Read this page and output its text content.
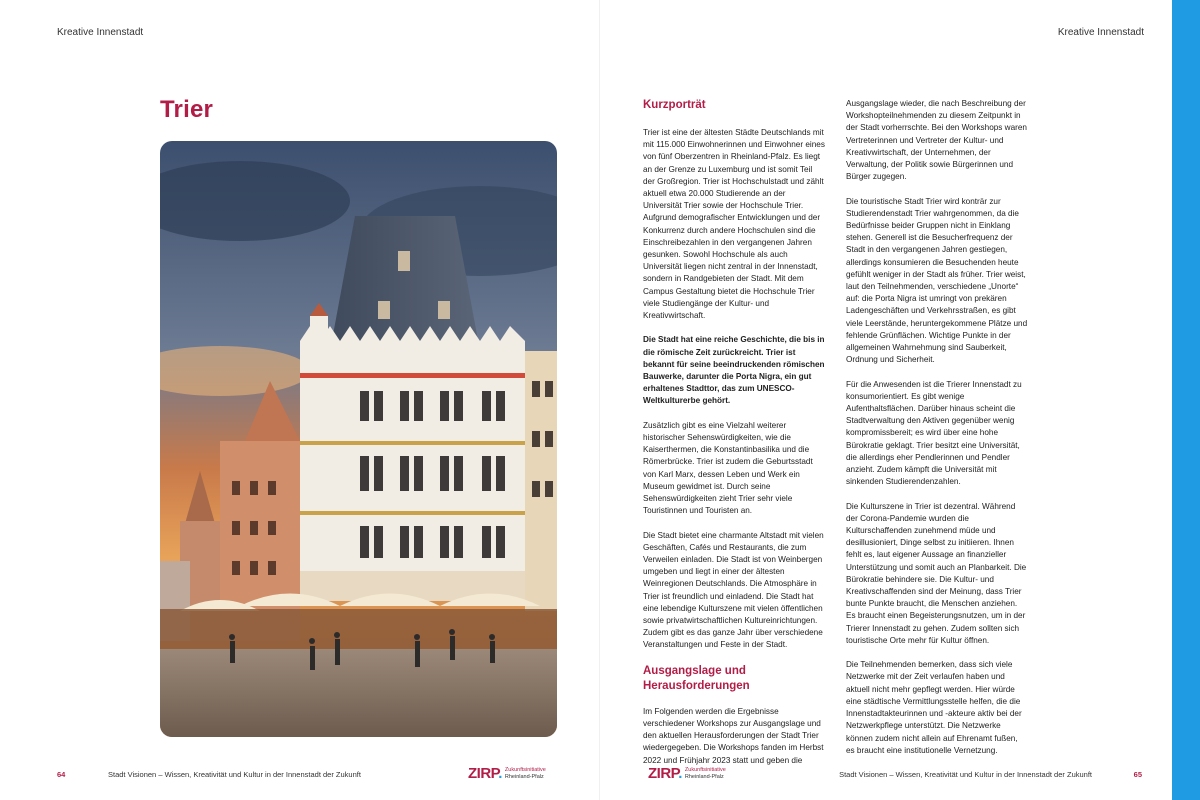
Kreative Innenstadt
Trier
64	Stadt Visionen – Wissen, Kreativität und Kultur in der Innenstadt der Zukunft	ZIRP. Zukunftsinitiative
Rheinland-Pfalz
Kreative Innenstadt
Kurzporträt

Trier ist eine der ältesten Städte Deutschlands mit mit 115.000 Einwohnerinnen und Einwohner eines von fünf Oberzentren in Rheinland-Pfalz. Es liegt an der Grenze zu Luxemburg und ist somit Teil der Großregion. Trier ist Hochschulstadt und zählt aktuell etwa 20.000 Studierende an der Universität Trier sowie der Hochschule Trier. Aufgrund demografischer Entwicklungen und der Konkurrenz durch andere Hochschulen sind die Einschreibezahlen in den vergangenen Jahren gesunken. Sowohl Hochschule als auch Universität liegen nicht zentral in der Innenstadt, sondern in Randgebieten der Stadt. Mit dem Campus Gestaltung bietet die Hochschule Trier viele Studiengänge der Kultur- und Kreativwirtschaft.

Die Stadt hat eine reiche Geschichte, die bis in die römische Zeit zurückreicht. Trier ist bekannt für seine beeindruckenden römischen Bauwerke, darunter die Porta Nigra, ein gut erhaltenes Stadttor, das zum UNESCO-Weltkulturerbe gehört.

Zusätzlich gibt es eine Vielzahl weiterer historischer Sehenswürdigkeiten, wie die Kaiserthermen, die Konstantinbasilika und die Römerbrücke. Trier ist zudem die Geburtsstadt von Karl Marx, dessen Leben und Werk ein Museum gewidmet ist. Durch seine Sehenswürdigkeiten zieht Trier sehr viele Touristinnen und Touristen an.

Die Stadt bietet eine charmante Altstadt mit vielen Geschäften, Cafés und Restaurants, die zum Verweilen einladen. Die Stadt ist von Weinbergen umgeben und liegt in einer der ältesten Weinregionen Deutschlands. Die Atmosphäre in Trier ist freundlich und einladend. Die Stadt hat eine lebendige Kulturszene mit vielen öffentlichen sowie privatwirtschaftlichen Kultureinrichtungen. Zudem gibt es das ganze Jahr über verschiedene Veranstaltungen und Feste in der Stadt.

Ausgangslage und Herausforderungen

Im Folgenden werden die Ergebnisse verschiedener Workshops zur Ausgangslage und den aktuellen Herausforderungen der Stadt Trier wiedergegeben. Die Workshops fanden im Herbst 2022 und Frühjahr 2023 statt und geben die

Ausgangslage wieder, die nach Beschreibung der Workshopteilnehmenden zu diesem Zeitpunkt in der Stadt vorherrschte. Bei den Workshops waren Vertreterinnen und Vertreter der Kultur- und Kreativwirtschaft, der Unternehmen, der Verwaltung, der Politik sowie Bürgerinnen und Bürger zugegen.

Die touristische Stadt Trier wird konträr zur Studierendenstadt Trier wahrgenommen, da die Bedürfnisse beider Gruppen nicht in Einklang stehen. Generell ist die Besucherfrequenz der Stadt in den vergangenen Jahren gestiegen, allerdings konsumieren die Besuchenden heute gefühlt weniger in der Stadt als früher. Trier weist, laut den Teilnehmenden, verschiedene „Unorte“ auf: die Porta Nigra ist umringt von prekären Ladengeschäften und Verkehrsstraßen, es gibt viele Leerstände, heruntergekommene Plätze und fehlende Grünflächen. Wichtige Punkte in der allgemeinen Wahrnehmung sind Sauberkeit, Ordnung und Sicherheit.

Für die Anwesenden ist die Trierer Innenstadt zu konsumorientiert. Es gibt wenige Aufenthaltsflächen. Darüber hinaus scheint die Stadtverwaltung den Aktiven gegenüber wenig kompromissbereit; es wird über eine hohe Bürokratie geklagt. Trier besitzt eine Universität, die allerdings eher Pendlerinnen und Pendler anzieht. Zudem kämpft die Universität mit sinkenden Studierendenzahlen.

Die Kulturszene in Trier ist dezentral. Während der Corona-Pandemie wurden die Kulturschaffenden zunehmend müde und desillusioniert, Dinge selbst zu initiieren. Ihnen fehlt es, laut eigener Aussage an finanzieller Unterstützung und somit auch an Planbarkeit. Die Bürokratie behindere sie. Die Kultur- und Kreativschaffenden sind der Meinung, dass Trier bunte Punkte braucht, die Menschen anziehen. Es braucht einen Begeisterungsnutzen, um in der Trierer Innenstadt zu gehen. Zudem sollten sich touristische Orte mehr für Kultur öffnen.

Die Teilnehmenden bemerken, dass sich viele Netzwerke mit der Zeit verlaufen haben und aktuell nicht mehr gepflegt werden. Hier würde eine städtische Vermittlungsstelle helfen, die die Innenstadtakteurinnen und -akteure aktiv bei der Netzwerkpflege unterstützt. Die Netzwerke können zudem nicht allein auf Ehrenamt fußen, es braucht eine institutionelle Vernetzung.

ZIRP. Zukunftsinitiative
Rheinland-Pfalz	Stadt Visionen – Wissen, Kreativität und Kultur in der Innenstadt der Zukunft	65
